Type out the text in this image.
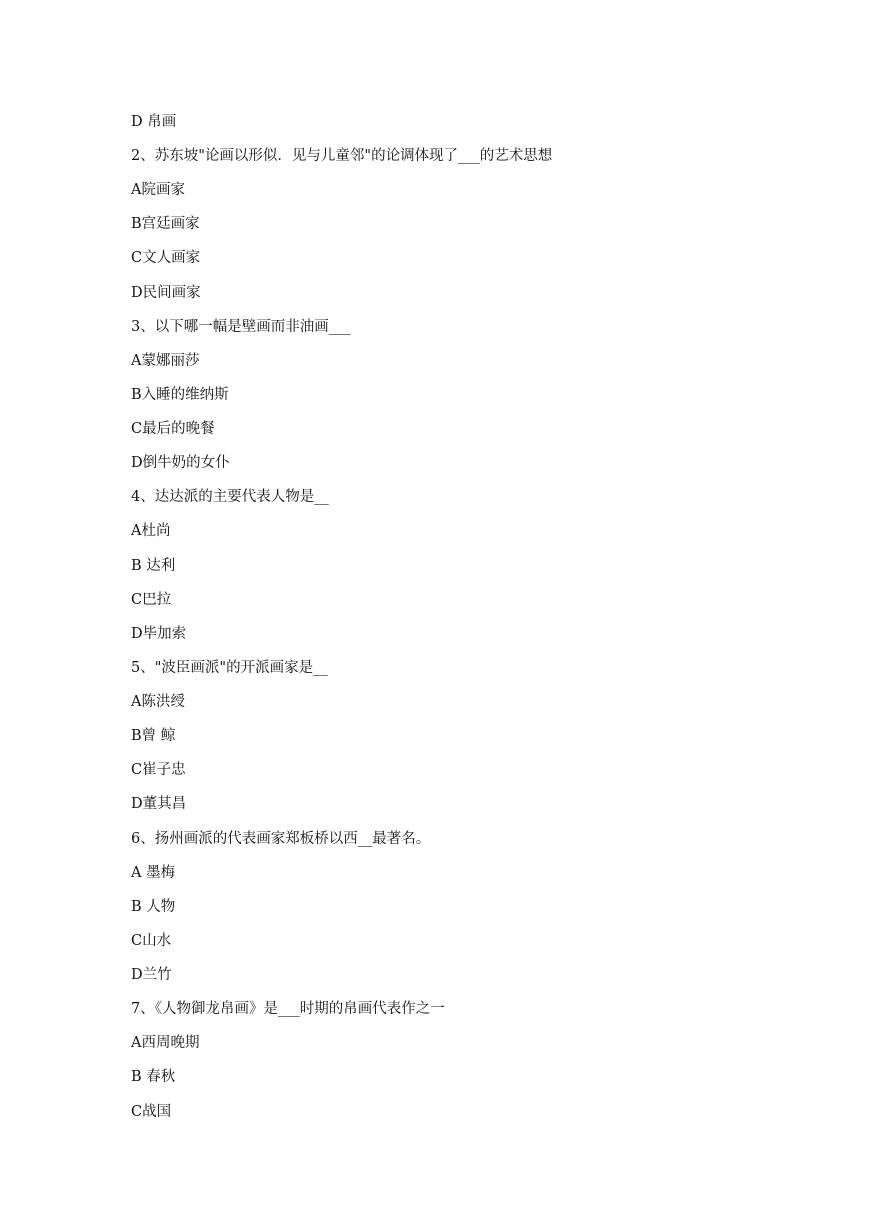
D 帛画
2、苏东坡"论画以形似．见与儿童邻"的论调体现了___的艺术思想
A院画家
B宫廷画家
C文人画家
D民间画家
3、以下哪一幅是壁画而非油画___
A蒙娜丽莎
B入睡的维纳斯
C最后的晚餐
D倒牛奶的女仆
4、达达派的主要代表人物是__
A杜尚
B 达利
C巴拉
D毕加索
5、"波臣画派"的开派画家是__
A陈洪绶
B曾 鲸
C崔子忠
D董其昌
6、扬州画派的代表画家郑板桥以西__最著名。
A 墨梅
B 人物
C山水
D兰竹
7、《人物御龙帛画》是___时期的帛画代表作之一
A西周晚期
B 春秋
C战国
